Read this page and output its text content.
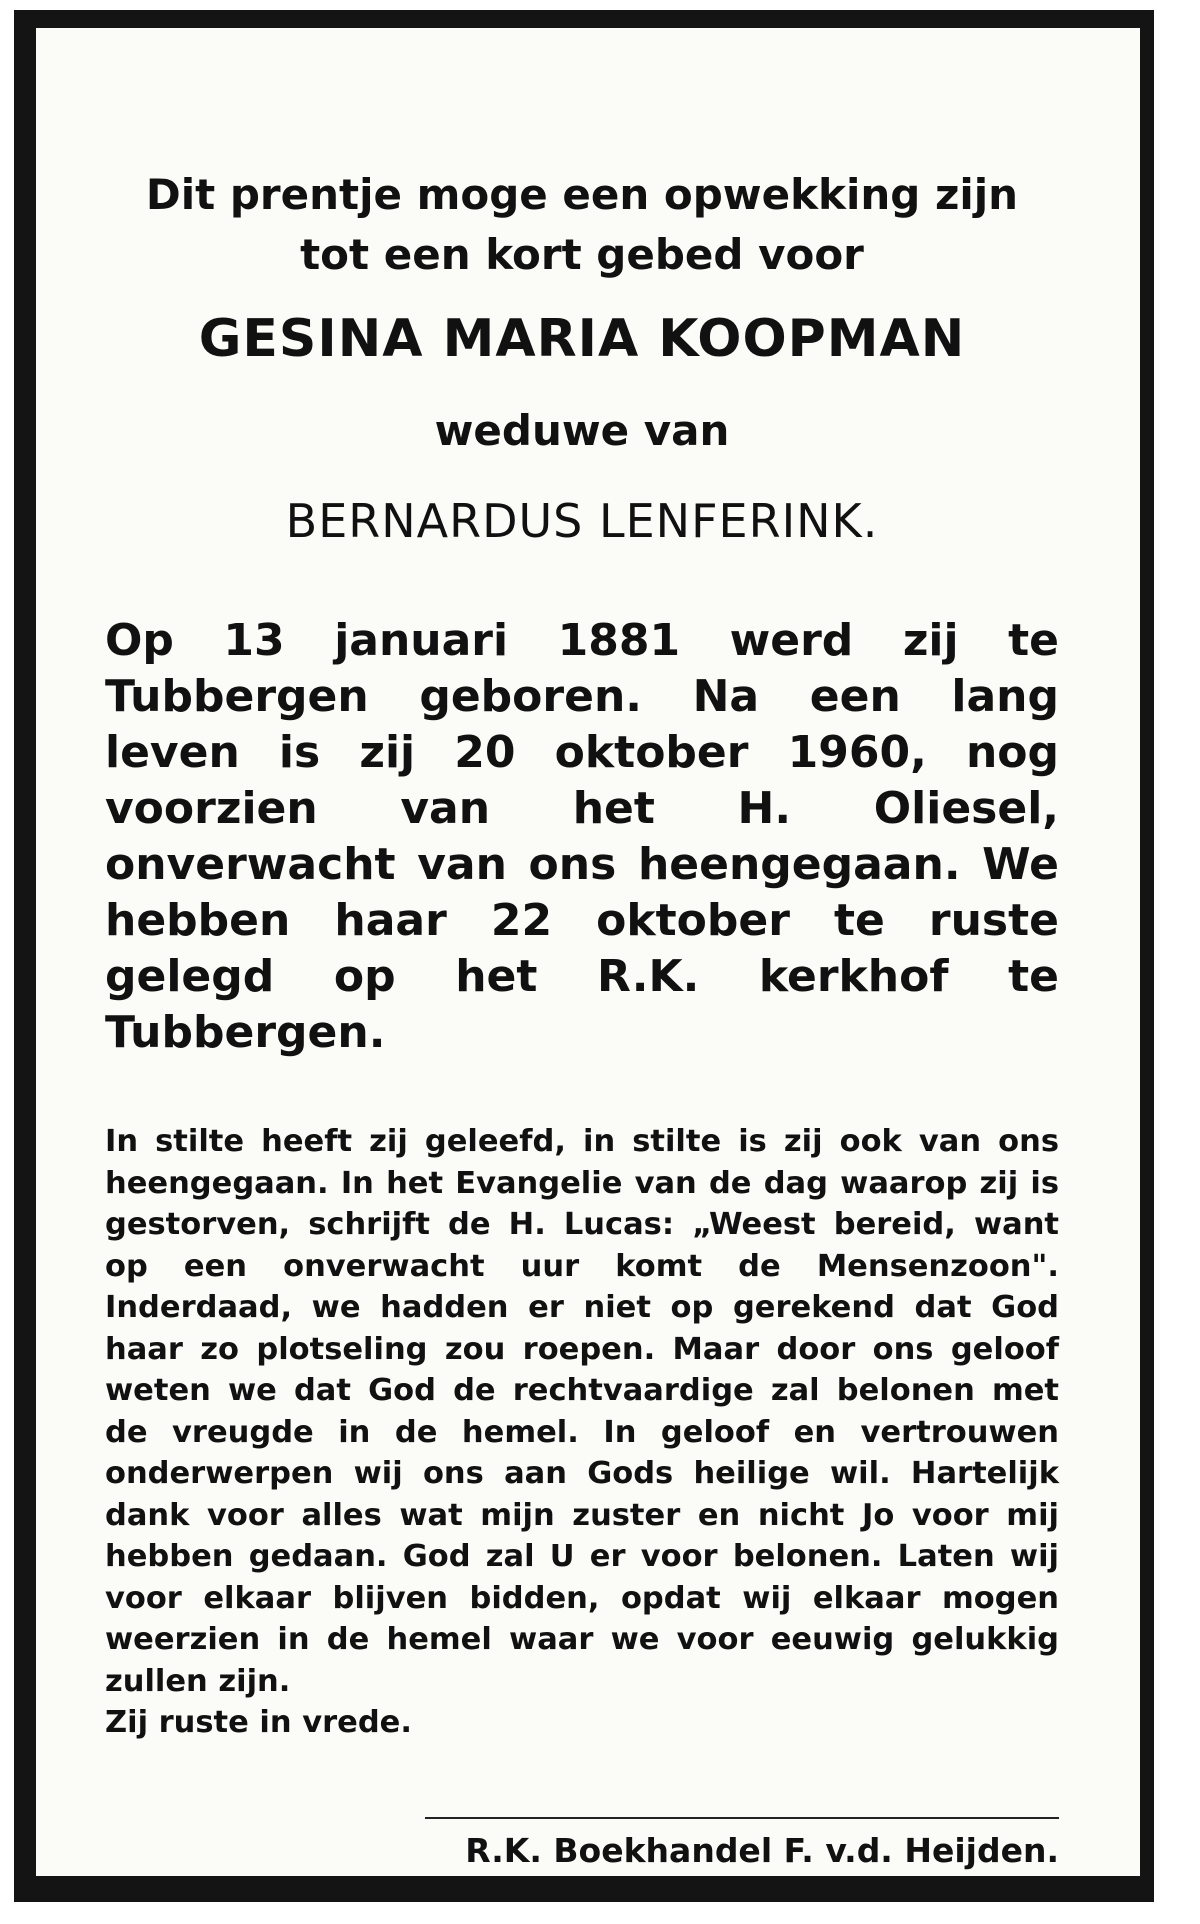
Dit prentje moge een opwekking zijn tot een kort gebed voor

GESINA MARIA KOOPMAN

weduwe van

BERNARDUS LENFERINK.

Op 13 januari 1881 werd zij te Tubbergen geboren. Na een lang leven is zij 20 oktober 1960, nog voorzien van het H. Oliesel, onverwacht van ons heengegaan. We hebben haar 22 oktober te ruste gelegd op het R.K. kerkhof te Tubbergen.

In stilte heeft zij geleefd, in stilte is zij ook van ons heengegaan. In het Evangelie van de dag waarop zij is gestorven, schrijft de H. Lucas: „Weest bereid, want op een onverwacht uur komt de Mensenzoon". Inderdaad, we hadden er niet op gerekend dat God haar zo plotseling zou roepen. Maar door ons geloof weten we dat God de rechtvaardige zal belonen met de vreugde in de hemel. In geloof en vertrouwen onderwerpen wij ons aan Gods heilige wil. Hartelijk dank voor alles wat mijn zuster en nicht Jo voor mij hebben gedaan. God zal U er voor belonen. Laten wij voor elkaar blijven bidden, opdat wij elkaar mogen weerzien in de hemel waar we voor eeuwig gelukkig zullen zijn.

Zij ruste in vrede.

R.K. Boekhandel F. v.d. Heijden.
